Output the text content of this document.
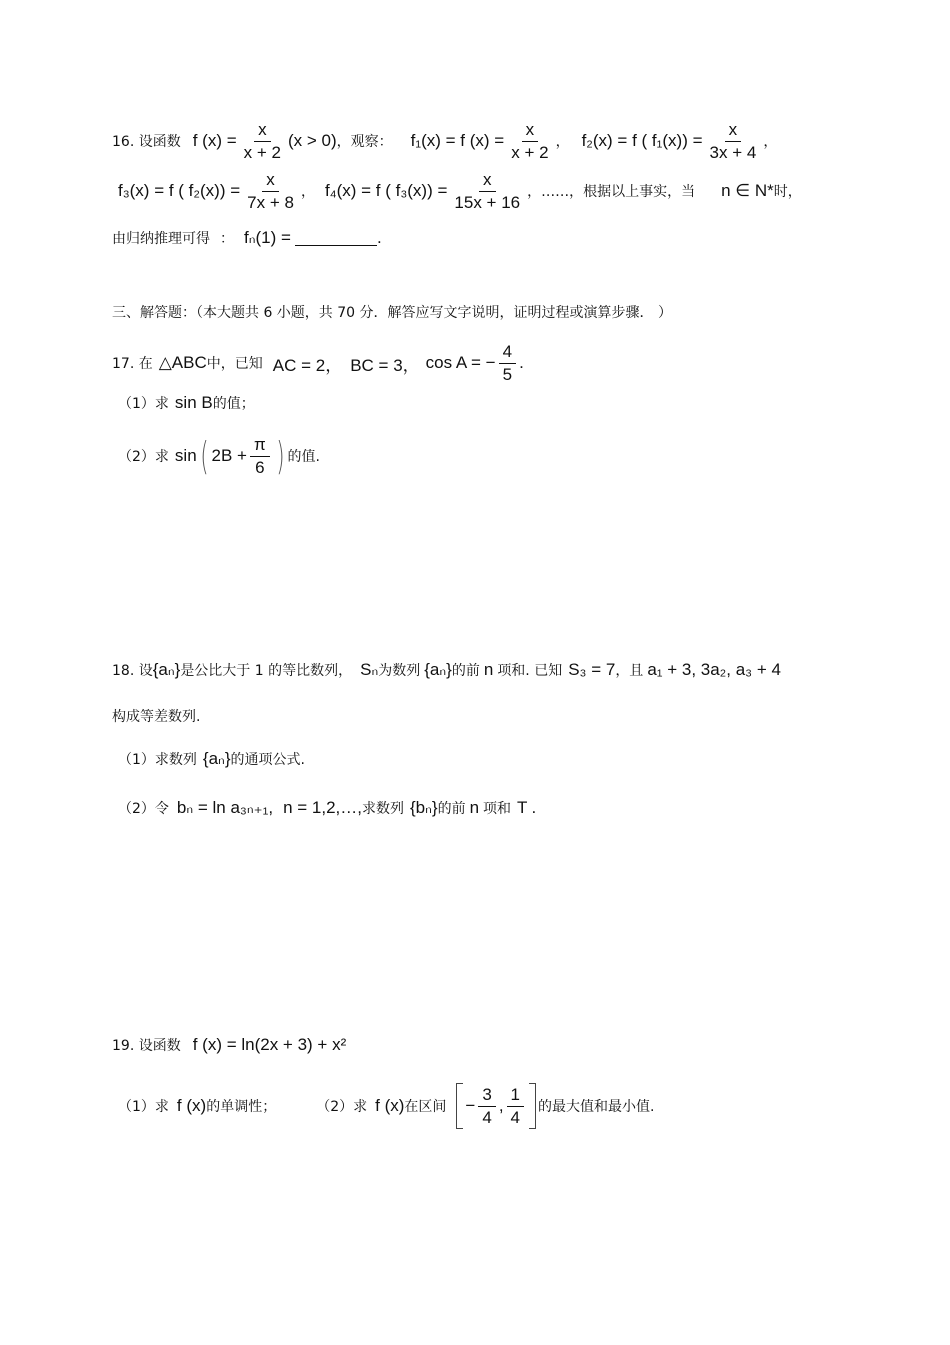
16. 设函数 f $(x) = \frac{x}{x + 2} (x > 0)$ ，观察： f₁(x) = f $(x) = \frac{x}{x + 2}$ ， f₂(x) = f ( $f_1(x)) = \frac{x}{3x + 4}$ ，
f₃(x) = f ( $f_2(x)) = \frac{x}{7x + 8}$ ， f₄(x) = f ( $f_3(x)) = \frac{x}{15x + 16}$ ，……，根据以上事实，当 n ∈ N* 时，
由归纳推理可得 ： fₙ(1) =	.
三、解答题：（本大题共 6 小题，共 70 分．解答应写文字说明，证明过程或演算步骤． ）
17. 在 △ABC 中，已知 AC = 2， BC = 3， cos A = − $\frac{4}{5}$ .
（1）求 sin B 的值；
（2）求 sin ( $2B + \frac{\pi}{6}$ ) 的值.
18. 设 {aₙ} 是公比大于 1 的等比数列， Sₙ 为数列 {aₙ} 的前 n 项和. 已知 S₃ = 7 ，且 a₁ + 3, 3a₂, a₃ + 4
构成等差数列.
（1）求数列 {aₙ} 的通项公式.
（2）令 bₙ = ln a₃ₙ₊₁, n = 1,2,…, 求数列 {bₙ} 的前 n 项和 T .
19. 设函数 f (x) = ln(2x + 3) + x²
（1）求 f (x) 的单调性；	（2）求 f (x) 在区间 − $\frac{3}{4}$ , $\frac{1}{4}$ 的最大值和最小值.
